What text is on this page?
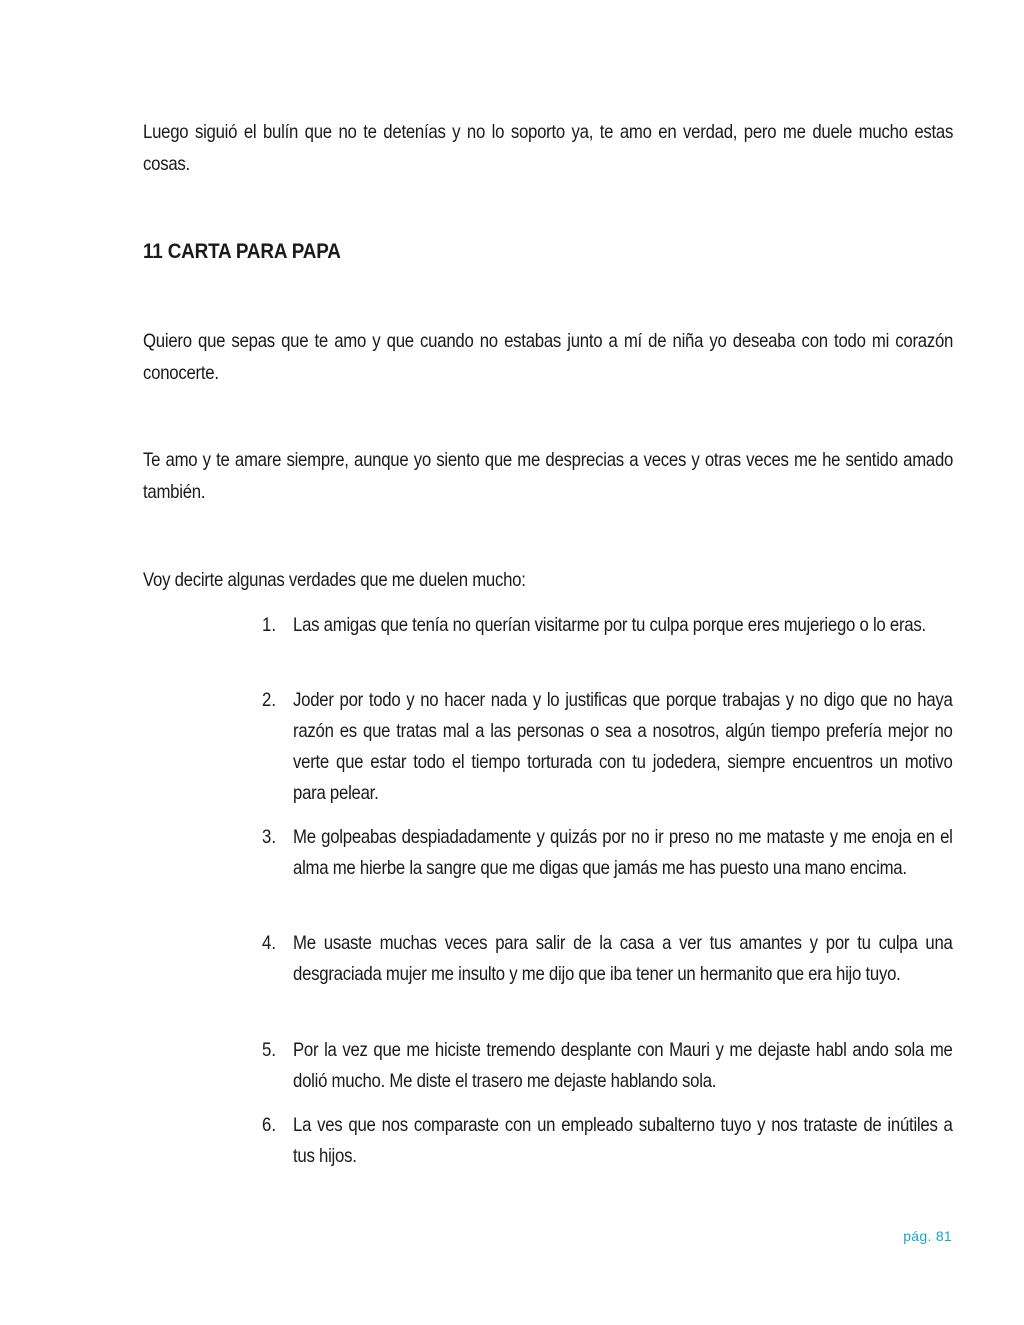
Luego siguió el bulín que no te detenías y no lo soporto ya, te amo en verdad, pero me duele mucho estas cosas.

11 CARTA PARA PAPA

Quiero que sepas que te amo y que cuando no estabas junto a mí de niña yo deseaba con todo mi corazón conocerte.

Te amo y te amare siempre, aunque yo siento que me desprecias a veces y otras veces me he sentido amado también.

Voy decirte algunas verdades que me duelen mucho:

1. Las amigas que tenía no querían visitarme por tu culpa porque eres mujeriego o lo eras.
2. Joder por todo y no hacer nada y lo justificas que porque trabajas y no digo que no haya razón es que tratas mal a las personas o sea a nosotros, algún tiempo prefería mejor no verte que estar todo el tiempo torturada con tu jodedera, siempre encuentros un motivo para pelear.
3. Me golpeabas despiadadamente y quizás por no ir preso no me mataste y me enoja en el alma me hierbe la sangre que me digas que jamás me has puesto una mano encima.
4. Me usaste muchas veces para salir de la casa a ver tus amantes y por tu culpa una desgraciada mujer me insulto y me dijo que iba tener un hermanito que era hijo tuyo.
5. Por la vez que me hiciste tremendo desplante con Mauri y me dejaste habl ando sola me dolió mucho. Me diste el trasero me dejaste hablando sola.
6. La ves que nos comparaste con un empleado subalterno tuyo y nos trataste de inútiles a tus hijos.
pág. 81
